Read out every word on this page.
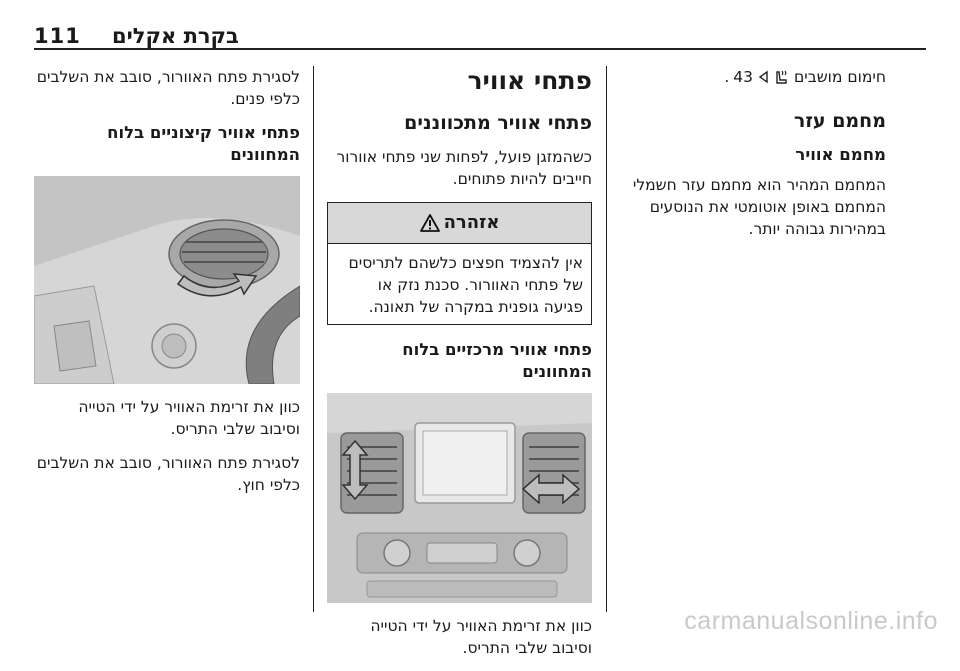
111 בקרת אקלים

חימום מושבים
43
.

מחמם עזר
מחמם אוויר

המחמם המהיר הוא מחמם עזר חשמלי המחמם באופן אוטומטי את הנוסעים במהירות גבוהה יותר.

פתחי אוויר
פתחי אוויר מתכווננים

כשהמזגן פועל, לפחות שני פתחי אוורור חייבים להיות פתוחים.

אזהרה
אין להצמיד חפצים כלשהם לתריסים של פתחי האוורור. סכנת נזק או פגיעה גופנית במקרה של תאונה.
פתחי אוויר מרכזיים בלוח המחוונים

כוון את זרימת האוויר על ידי הטייה וסיבוב שלבי התריס.

לסגירת פתח האוורור, סובב את השלבים כלפי פנים.

פתחי אוויר קיצוניים בלוח המחוונים

כוון את זרימת האוויר על ידי הטייה וסיבוב שלבי התריס.

לסגירת פתח האוורור, סובב את השלבים כלפי חוץ.

carmanualsonline.info
